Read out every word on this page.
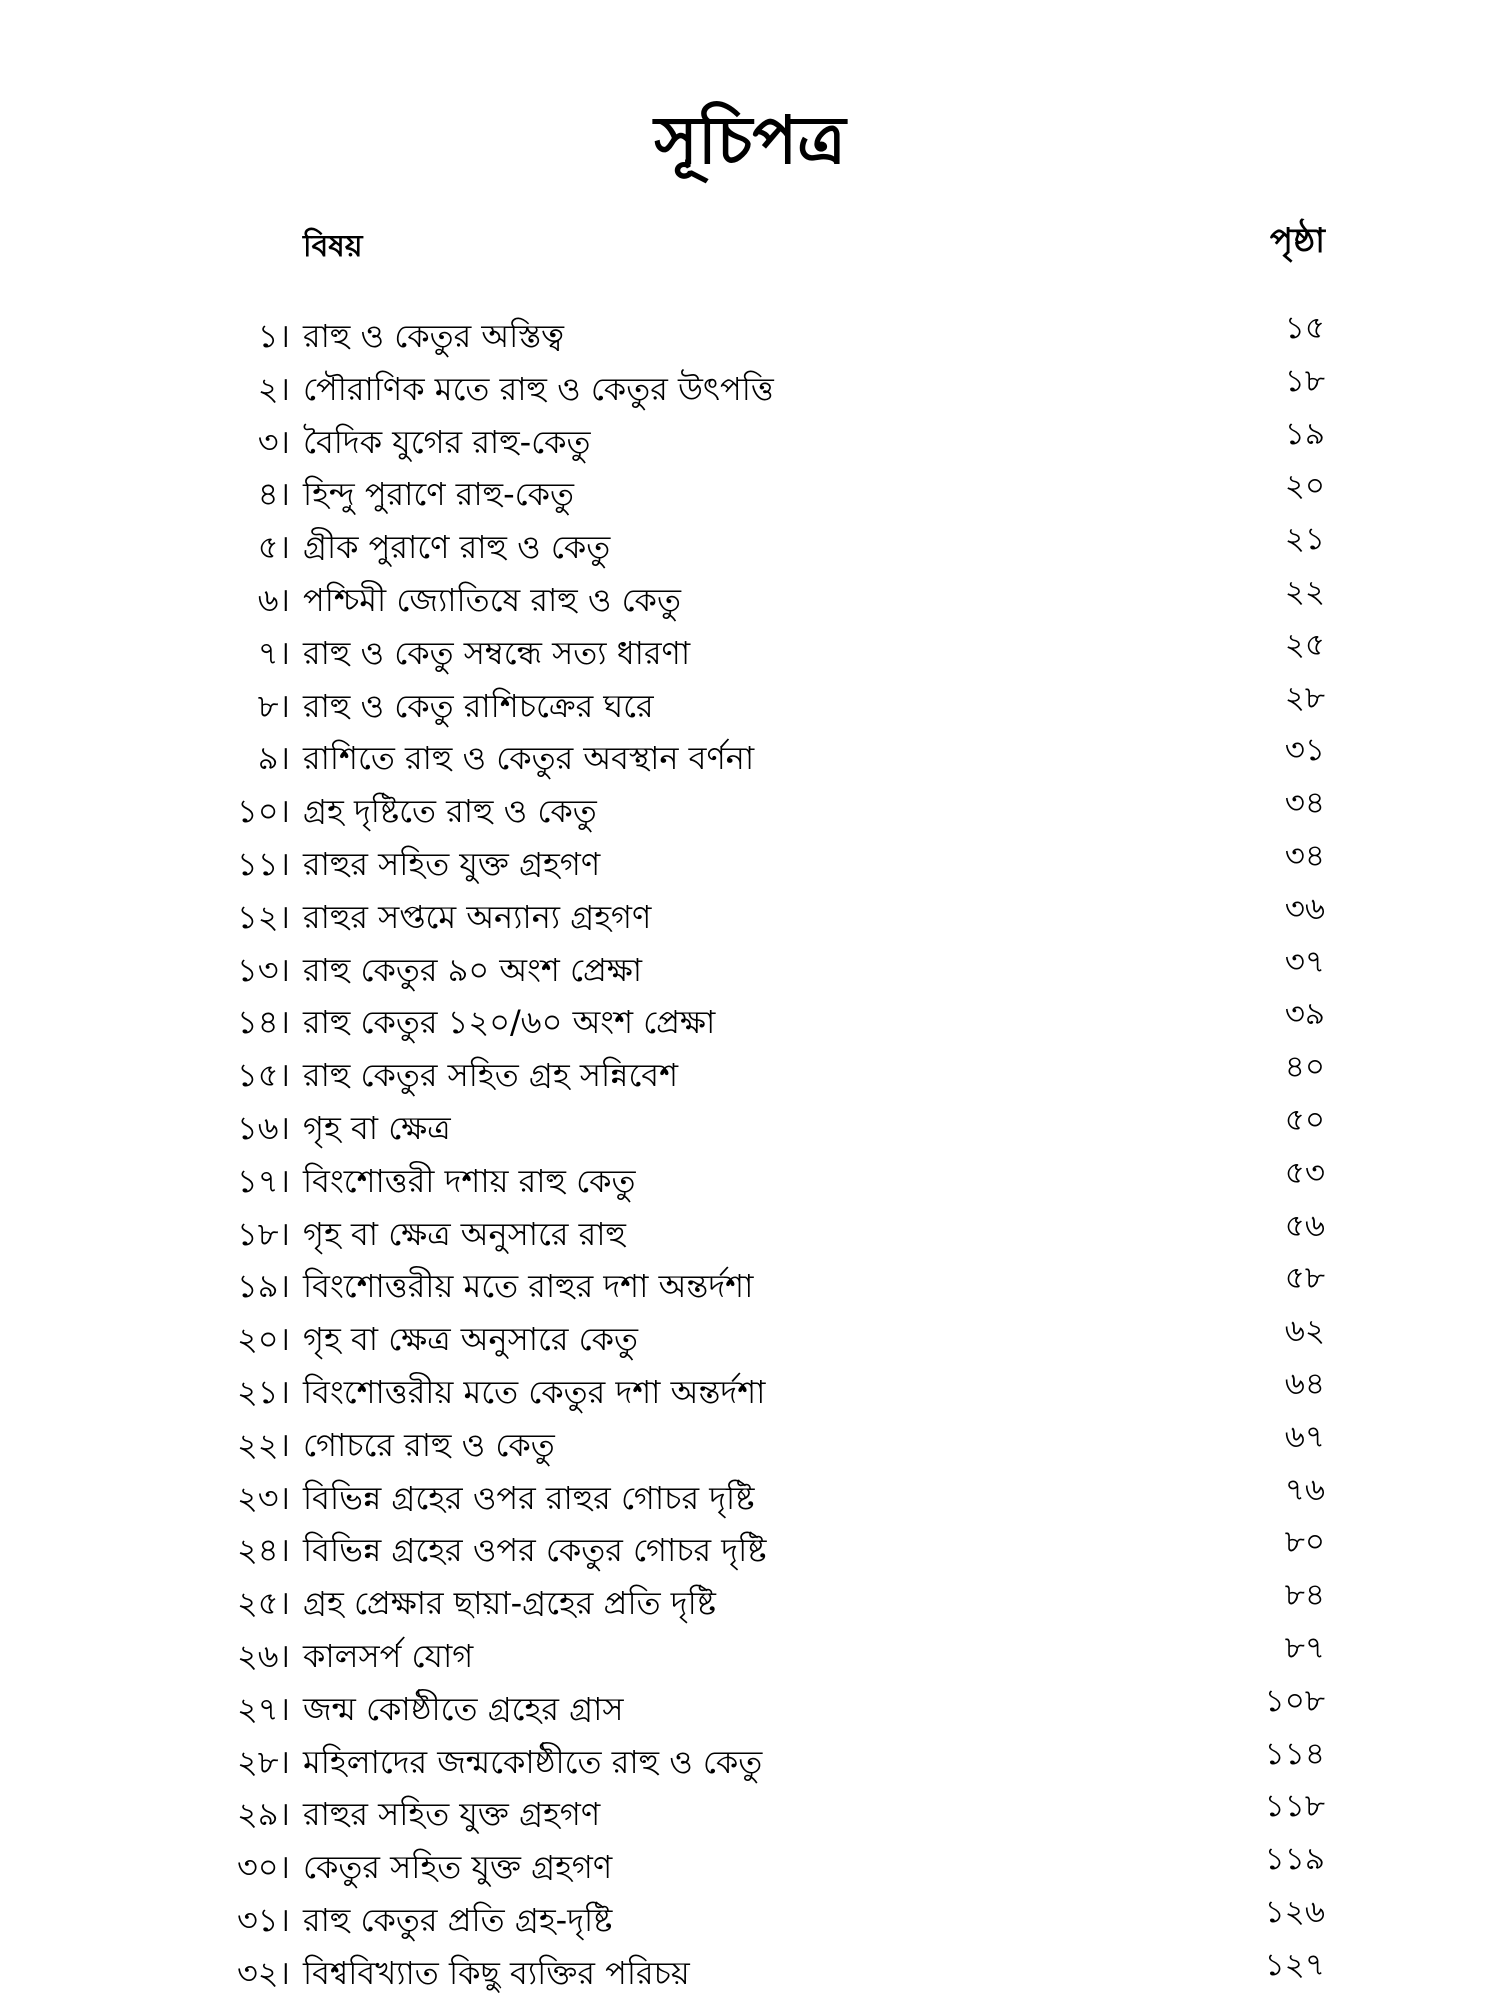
সূচিপত্র
বিষয়	পৃষ্ঠা
১। রাহু ও কেতুর অস্তিত্ব	১৫
২। পৌরাণিক মতে রাহু ও কেতুর উৎপত্তি	১৮
৩। বৈদিক যুগের রাহু-কেতু	১৯
৪। হিন্দু পুরাণে রাহু-কেতু	২০
৫। গ্রীক পুরাণে রাহু ও কেতু	২১
৬। পশ্চিমী জ্যোতিষে রাহু ও কেতু	২২
৭। রাহু ও কেতু সম্বন্ধে সত্য ধারণা	২৫
৮। রাহু ও কেতু রাশিচক্রের ঘরে	২৮
৯। রাশিতে রাহু ও কেতুর অবস্থান বর্ণনা	৩১
১০। গ্রহ দৃষ্টিতে রাহু ও কেতু	৩৪
১১। রাহুর সহিত যুক্ত গ্রহগণ	৩৪
১২। রাহুর সপ্তমে অন্যান্য গ্রহগণ	৩৬
১৩। রাহু কেতুর ৯০ অংশ প্রেক্ষা	৩৭
১৪। রাহু কেতুর ১২০/৬০ অংশ প্রেক্ষা	৩৯
১৫। রাহু কেতুর সহিত গ্রহ সন্নিবেশ	৪০
১৬। গৃহ বা ক্ষেত্র	৫০
১৭। বিংশোত্তরী দশায় রাহু কেতু	৫৩
১৮। গৃহ বা ক্ষেত্র অনুসারে রাহু	৫৬
১৯। বিংশোত্তরীয় মতে রাহুর দশা অন্তর্দশা	৫৮
২০। গৃহ বা ক্ষেত্র অনুসারে কেতু	৬২
২১। বিংশোত্তরীয় মতে কেতুর দশা অন্তর্দশা	৬৪
২২। গোচরে রাহু ও কেতু	৬৭
২৩। বিভিন্ন গ্রহের ওপর রাহুর গোচর দৃষ্টি	৭৬
২৪। বিভিন্ন গ্রহের ওপর কেতুর গোচর দৃষ্টি	৮০
২৫। গ্রহ প্রেক্ষার ছায়া-গ্রহের প্রতি দৃষ্টি	৮৪
২৬। কালসর্প যোগ	৮৭
২৭। জন্ম কোষ্ঠীতে গ্রহের গ্রাস	১০৮
২৮। মহিলাদের জন্মকোষ্ঠীতে রাহু ও কেতু	১১৪
২৯। রাহুর সহিত যুক্ত গ্রহগণ	১১৮
৩০। কেতুর সহিত যুক্ত গ্রহগণ	১১৯
৩১। রাহু কেতুর প্রতি গ্রহ-দৃষ্টি	১২৬
৩২। বিশ্ববিখ্যাত কিছু ব্যক্তির পরিচয়	১২৭
